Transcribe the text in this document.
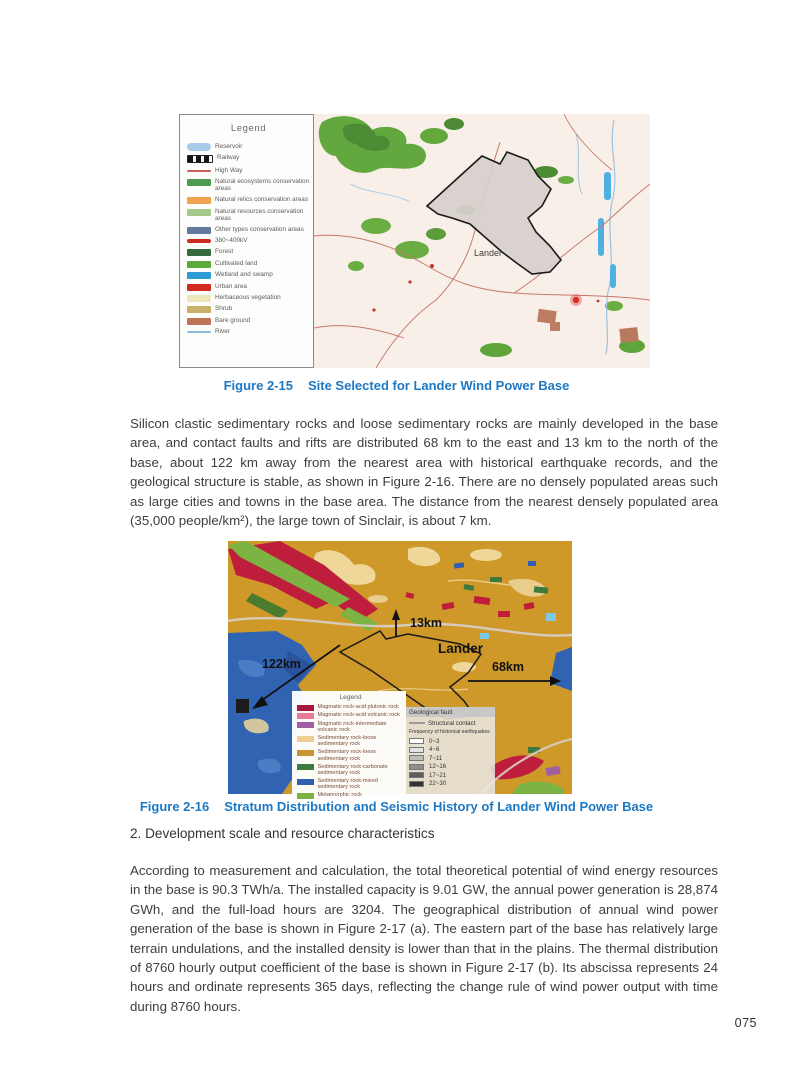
Legend
Reservoir
Railway
High Way
Natural ecosystems conservation areas
Natural relics conservation areas
Natural resources conservation areas
Other types conservation areas
380~400kV
Forest
Cultivated land
Wetland and swamp
Urban area
Herbaceous vegetation
Shrub
Bare ground
River
Lander
Figure 2-15 Site Selected for Lander Wind Power Base

Silicon clastic sedimentary rocks and loose sedimentary rocks are mainly developed in the base area, and contact faults and rifts are distributed 68 km to the east and 13 km to the north of the base, about 122 km away from the nearest area with historical earthquake records, and the geological structure is stable, as shown in Figure 2-16. There are no densely populated areas such as large cities and towns in the base area. The distance from the nearest densely populated area (35,000 people/km²), the large town of Sinclair, is about 7 km.

13km
122km	68km
Lander
Legend
Magmatic rock-acid plutonic rock
Magmatic rock-acid volcanic rock
Magmatic rock-intermediate volcanic rock
Sedimentary rock-loose sedimentary rock
Sedimentary rock-loess sedimentary rock
Sedimentary rock-carbonate sedimentary rock
Sedimentary rock-mixed sedimentary rock
Metamorphic rock
Geological fault
Structural contact
Frequency of historical earthquakes
0~3
4~6
7~11
12~16
17~21
22~30
Figure 2-16 Stratum Distribution and Seismic History of Lander Wind Power Base
2. Development scale and resource characteristics

According to measurement and calculation, the total theoretical potential of wind energy resources in the base is 90.3 TWh/a. The installed capacity is 9.01 GW, the annual power generation is 28,874 GWh, and the full-load hours are 3204. The geographical distribution of annual wind power generation of the base is shown in Figure 2-17 (a). The eastern part of the base has relatively large terrain undulations, and the installed density is lower than that in the plains. The thermal distribution of 8760 hourly output coefficient of the base is shown in Figure 2-17 (b). Its abscissa represents 24 hours and ordinate represents 365 days, reflecting the change rule of wind power output with time during 8760 hours.

075
